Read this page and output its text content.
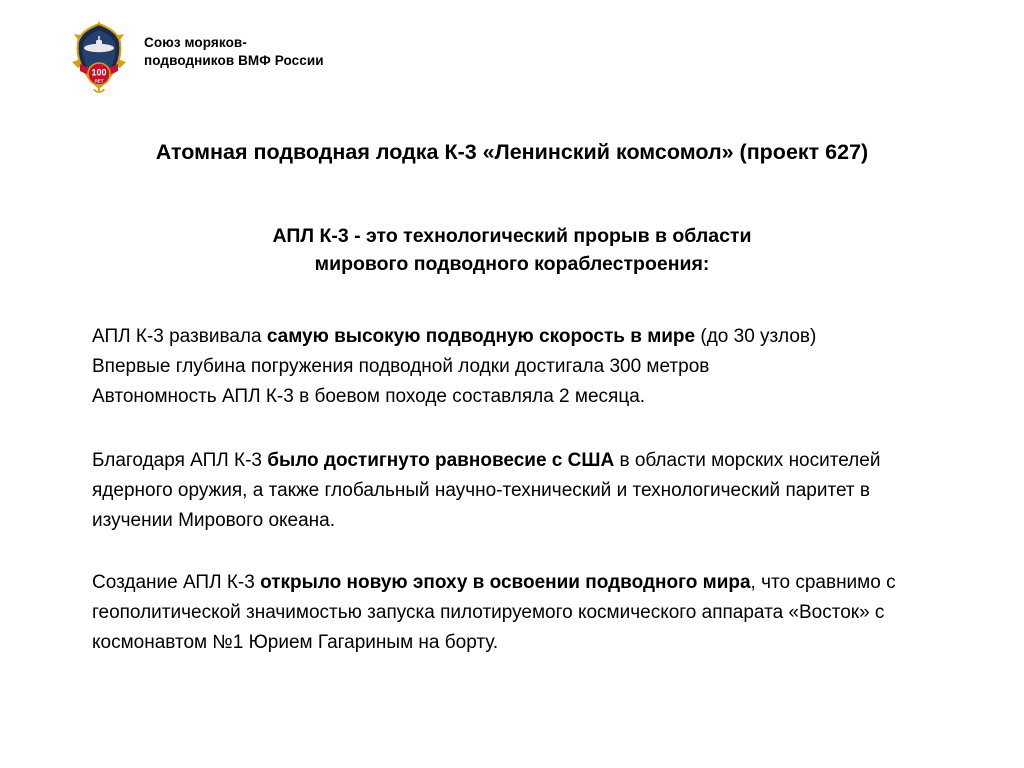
100
ЛЕТ
Союз моряков-
подводников ВМФ России
Атомная подводная лодка К-3 «Ленинский комсомол» (проект 627)
АПЛ К-3 - это технологический прорыв в области
мирового подводного кораблестроения:
АПЛ К-3 развивала самую высокую подводную скорость в мире (до 30 узлов)
Впервые глубина погружения подводной лодки достигала 300 метров
Автономность АПЛ К-3 в боевом походе составляла 2 месяца.
Благодаря АПЛ К-3 было достигнуто равновесие с США в области морских носителей ядерного оружия, а также глобальный научно-технический и технологический паритет в изучении Мирового океана.
Создание АПЛ К-3 открыло новую эпоху в освоении подводного мира, что сравнимо с геополитической значимостью запуска пилотируемого космического аппарата «Восток» с космонавтом №1 Юрием Гагариным на борту.
